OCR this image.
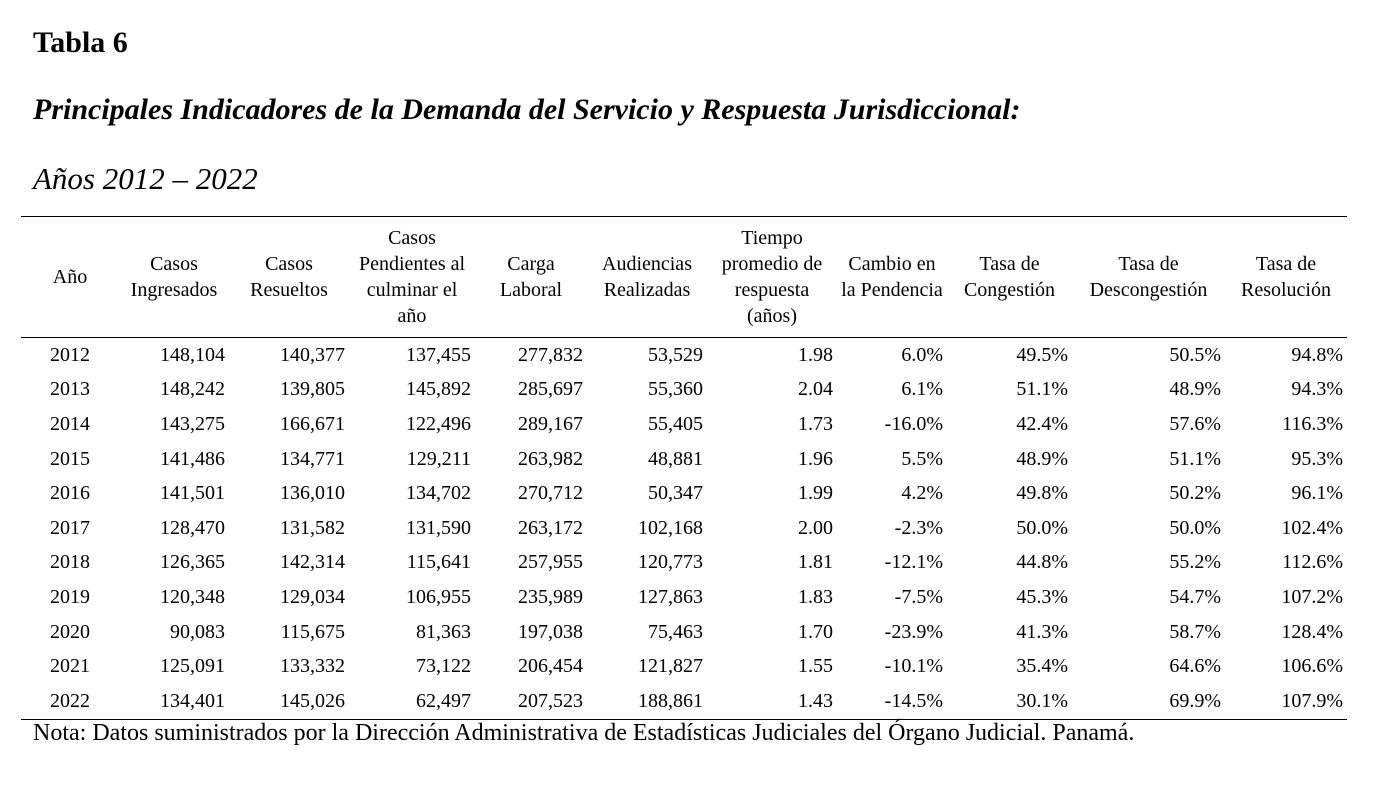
Tabla 6
Principales Indicadores de la Demanda del Servicio y Respuesta Jurisdiccional:
Años 2012 – 2022
Año	Casos Ingresados	Casos Resueltos	Casos Pendientes al culminar el año	Carga Laboral	Audiencias Realizadas	Tiempo promedio de respuesta (años)	Cambio en la Pendencia	Tasa de Congestión	Tasa de Descongestión	Tasa de Resolución
2012	148,104	140,377	137,455	277,832	53,529	1.98	6.0%	49.5%	50.5%	94.8%
2013	148,242	139,805	145,892	285,697	55,360	2.04	6.1%	51.1%	48.9%	94.3%
2014	143,275	166,671	122,496	289,167	55,405	1.73	-16.0%	42.4%	57.6%	116.3%
2015	141,486	134,771	129,211	263,982	48,881	1.96	5.5%	48.9%	51.1%	95.3%
2016	141,501	136,010	134,702	270,712	50,347	1.99	4.2%	49.8%	50.2%	96.1%
2017	128,470	131,582	131,590	263,172	102,168	2.00	-2.3%	50.0%	50.0%	102.4%
2018	126,365	142,314	115,641	257,955	120,773	1.81	-12.1%	44.8%	55.2%	112.6%
2019	120,348	129,034	106,955	235,989	127,863	1.83	-7.5%	45.3%	54.7%	107.2%
2020	90,083	115,675	81,363	197,038	75,463	1.70	-23.9%	41.3%	58.7%	128.4%
2021	125,091	133,332	73,122	206,454	121,827	1.55	-10.1%	35.4%	64.6%	106.6%
2022	134,401	145,026	62,497	207,523	188,861	1.43	-14.5%	30.1%	69.9%	107.9%
Nota: Datos suministrados por la Dirección Administrativa de Estadísticas Judiciales del Órgano Judicial. Panamá.
